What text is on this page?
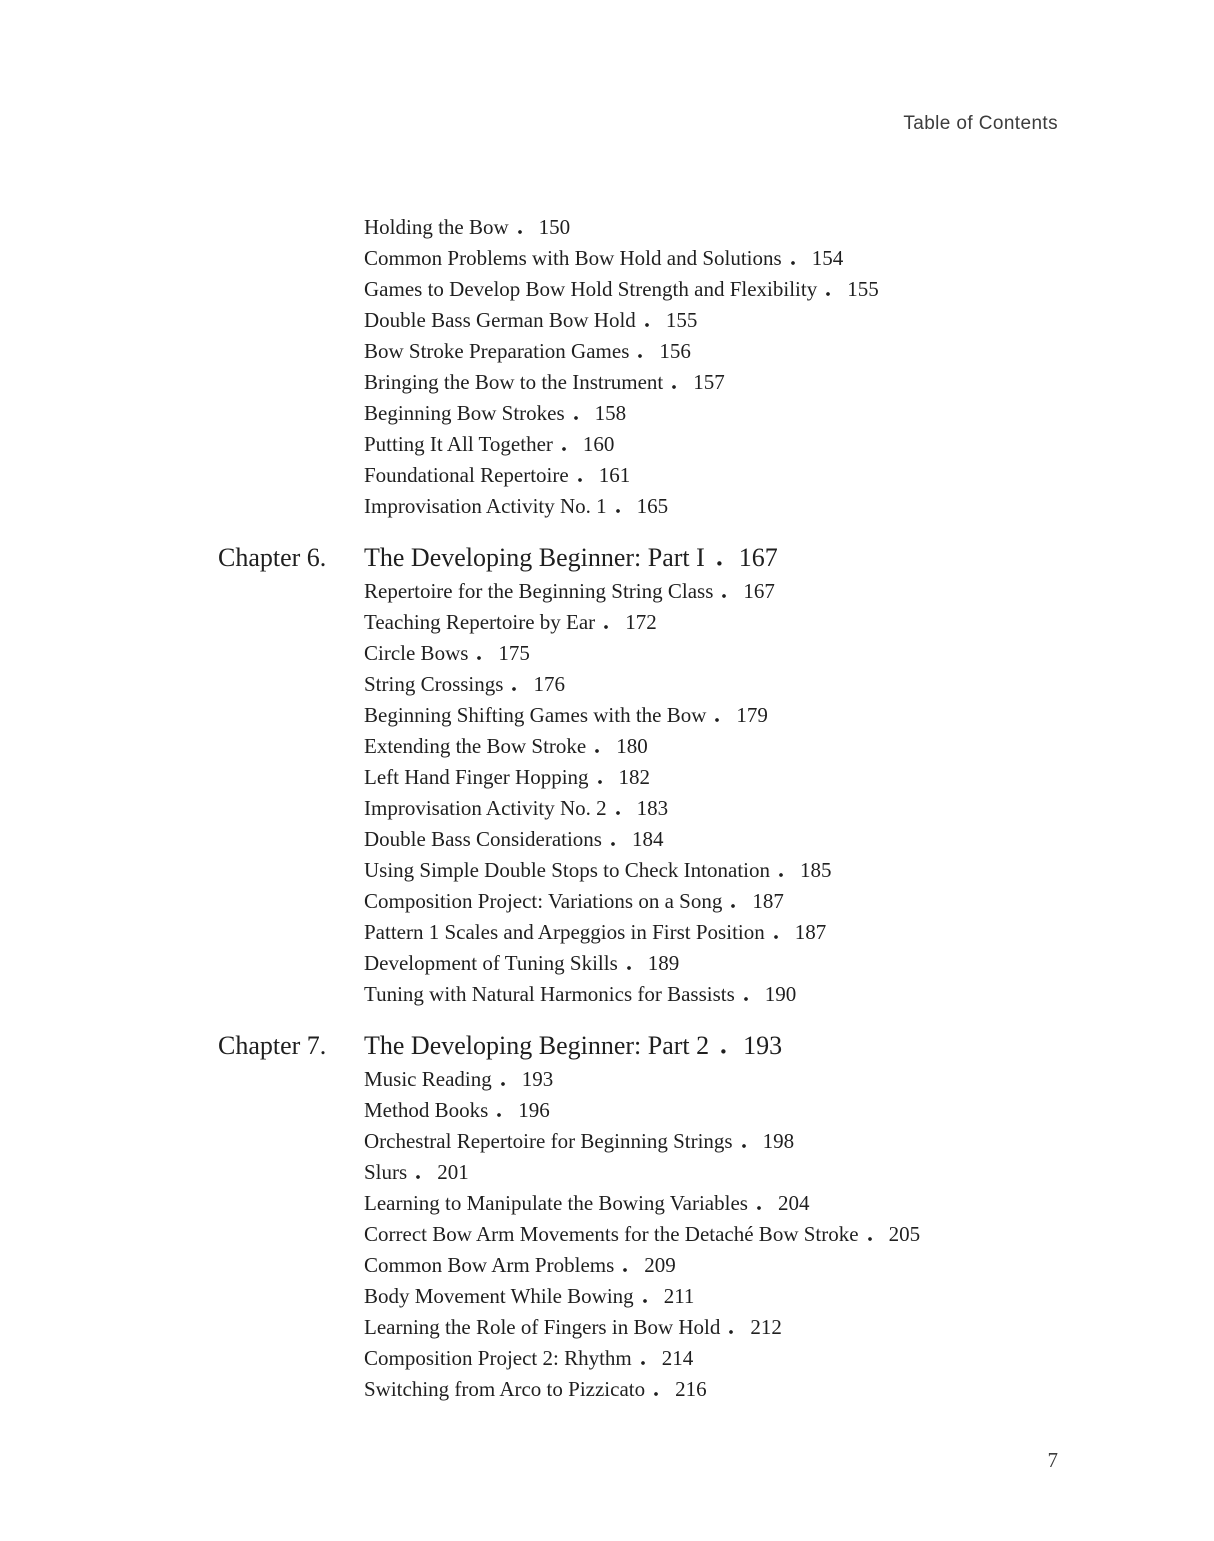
Table of Contents
Holding the Bow 150
Common Problems with Bow Hold and Solutions 154
Games to Develop Bow Hold Strength and Flexibility 155
Double Bass German Bow Hold 155
Bow Stroke Preparation Games 156
Bringing the Bow to the Instrument 157
Beginning Bow Strokes 158
Putting It All Together 160
Foundational Repertoire 161
Improvisation Activity No. 1 165
Chapter 6.	The Developing Beginner: Part I 167
Repertoire for the Beginning String Class 167
Teaching Repertoire by Ear 172
Circle Bows 175
String Crossings 176
Beginning Shifting Games with the Bow 179
Extending the Bow Stroke 180
Left Hand Finger Hopping 182
Improvisation Activity No. 2 183
Double Bass Considerations 184
Using Simple Double Stops to Check Intonation 185
Composition Project: Variations on a Song 187
Pattern 1 Scales and Arpeggios in First Position 187
Development of Tuning Skills 189
Tuning with Natural Harmonics for Bassists 190
Chapter 7.	The Developing Beginner: Part 2 193
Music Reading 193
Method Books 196
Orchestral Repertoire for Beginning Strings 198
Slurs 201
Learning to Manipulate the Bowing Variables 204
Correct Bow Arm Movements for the Detaché Bow Stroke 205
Common Bow Arm Problems 209
Body Movement While Bowing 211
Learning the Role of Fingers in Bow Hold 212
Composition Project 2: Rhythm 214
Switching from Arco to Pizzicato 216
7
